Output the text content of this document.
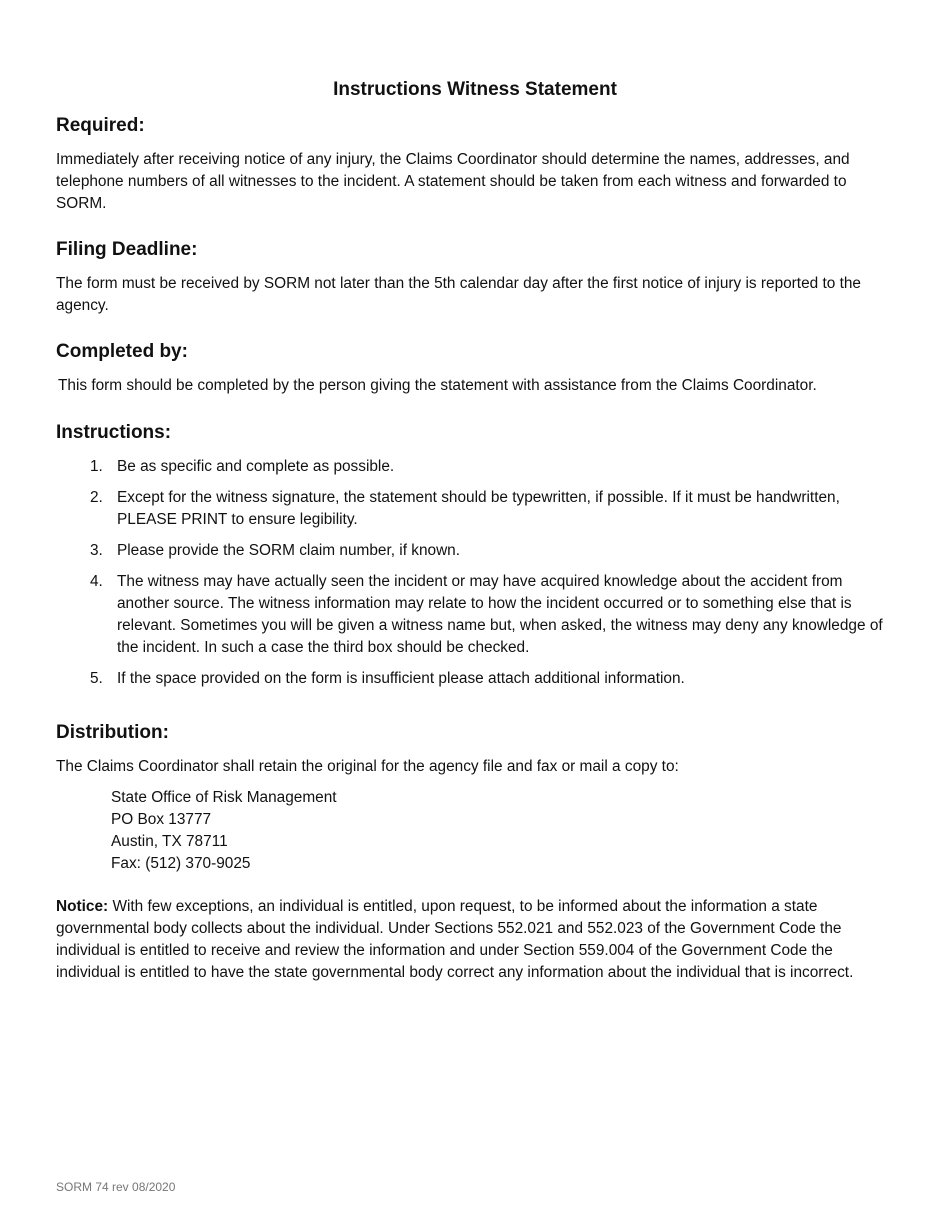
Instructions Witness Statement
Required:

Immediately after receiving notice of any injury, the Claims Coordinator should determine the names, addresses, and telephone numbers of all witnesses to the incident. A statement should be taken from each witness and forwarded to SORM.

Filing Deadline:

The form must be received by SORM not later than the 5th calendar day after the first notice of injury is reported to the agency.

Completed by:

This form should be completed by the person giving the statement with assistance from the Claims Coordinator.

Instructions:
1. Be as specific and complete as possible.
2. Except for the witness signature, the statement should be typewritten, if possible. If it must be handwritten, PLEASE PRINT to ensure legibility.
3. Please provide the SORM claim number, if known.
4. The witness may have actually seen the incident or may have acquired knowledge about the accident from another source. The witness information may relate to how the incident occurred or to something else that is relevant. Sometimes you will be given a witness name but, when asked, the witness may deny any knowledge of the incident. In such a case the third box should be checked.
5. If the space provided on the form is insufficient please attach additional information.
Distribution:

The Claims Coordinator shall retain the original for the agency file and fax or mail a copy to:

State Office of Risk Management
PO Box 13777
Austin, TX 78711
Fax: (512) 370-9025

Notice: With few exceptions, an individual is entitled, upon request, to be informed about the information a state governmental body collects about the individual. Under Sections 552.021 and 552.023 of the Government Code the individual is entitled to receive and review the information and under Section 559.004 of the Government Code the individual is entitled to have the state governmental body correct any information about the individual that is incorrect.

SORM 74 rev 08/2020
